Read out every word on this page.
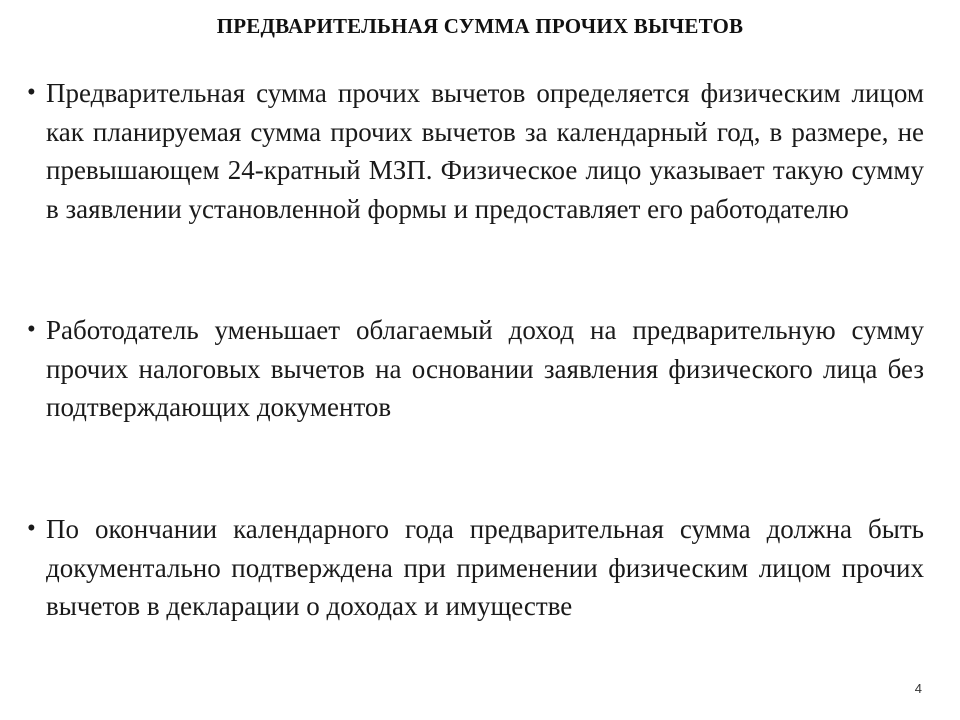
ПРЕДВАРИТЕЛЬНАЯ СУММА ПРОЧИХ ВЫЧЕТОВ
• Предварительная сумма прочих вычетов определяется физическим лицом как планируемая сумма прочих вычетов за календарный год, в размере, не превышающем 24-кратный МЗП. Физическое лицо указывает такую сумму в заявлении установленной формы и предоставляет его работодателю
• Работодатель уменьшает облагаемый доход на предварительную сумму прочих налоговых вычетов на основании заявления физического лица без подтверждающих документов
• По окончании календарного года предварительная сумма должна быть документально подтверждена при применении физическим лицом прочих вычетов в декларации о доходах и имуществе
4
